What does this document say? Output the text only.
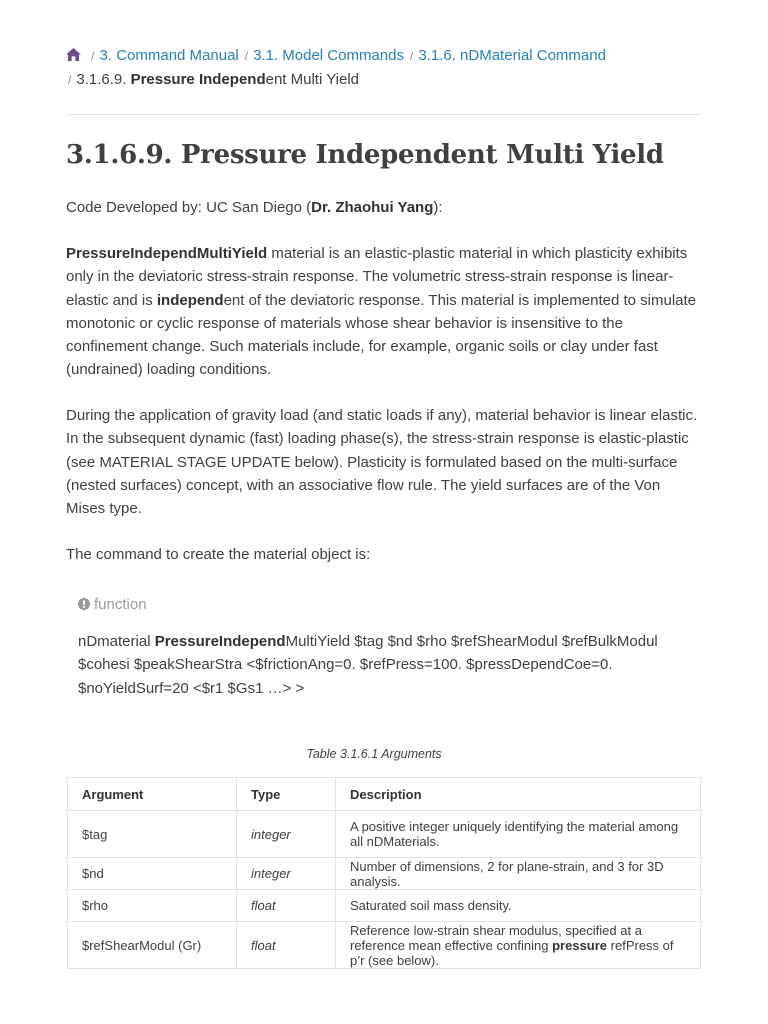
/ 3. Command Manual / 3.1. Model Commands / 3.1.6. nDMaterial Command
/ 3.1.6.9. Pressure Independent Multi Yield
3.1.6.9. Pressure Independent Multi Yield

Code Developed by: UC San Diego (Dr. Zhaohui Yang):

PressureIndependMultiYield material is an elastic-plastic material in which plasticity exhibits only in the deviatoric stress-strain response. The volumetric stress-strain response is linear-elastic and is independent of the deviatoric response. This material is implemented to simulate monotonic or cyclic response of materials whose shear behavior is insensitive to the confinement change. Such materials include, for example, organic soils or clay under fast (undrained) loading conditions.

During the application of gravity load (and static loads if any), material behavior is linear elastic. In the subsequent dynamic (fast) loading phase(s), the stress-strain response is elastic-plastic (see MATERIAL STAGE UPDATE below). Plasticity is formulated based on the multi-surface (nested surfaces) concept, with an associative flow rule. The yield surfaces are of the Von Mises type.

The command to create the material object is:

function

nDmaterial PressureIndependMultiYield $tag $nd $rho $refShearModul $refBulkModul $cohesi $peakShearStra <$frictionAng=0. $refPress=100. $pressDependCoe=0. $noYieldSurf=20 <$r1 $Gs1 …> >

Table 3.1.6.1 Arguments
Argument	Type	Description
$tag	integer	A positive integer uniquely identifying the material among all nDMaterials.
$nd	integer	Number of dimensions, 2 for plane-strain, and 3 for 3D analysis.
$rho	float	Saturated soil mass density.
$refShearModul (Gr)	float	Reference low-strain shear modulus, specified at a reference mean effective confining pressure refPress of p’r (see below).
